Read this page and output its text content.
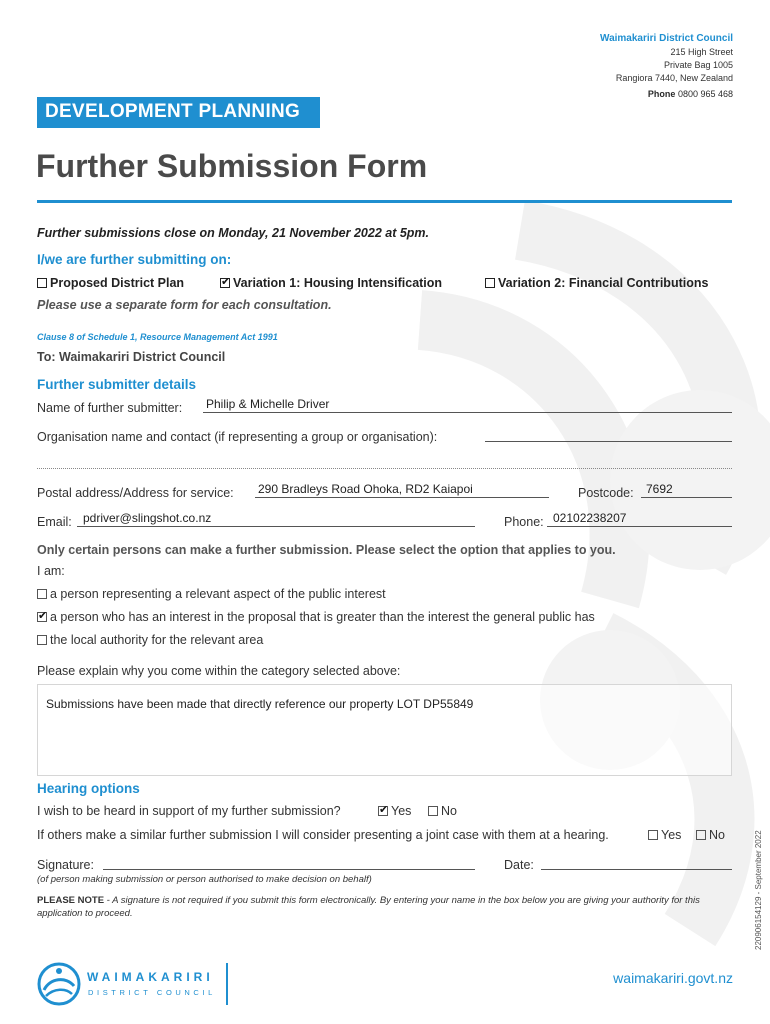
Waimakariri District Council
215 High Street
Private Bag 1005
Rangiora 7440, New Zealand
Phone 0800 965 468
DEVELOPMENT PLANNING
Further Submission Form
Further submissions close on Monday, 21 November 2022 at 5pm.
I/we are further submitting on:
Proposed District Plan ✔	Variation 1: Housing Intensification	Variation 2: Financial Contributions
Please use a separate form for each consultation.
Clause 8 of Schedule 1, Resource Management Act 1991
To: Waimakariri District Council
Further submitter details
Name of further submitter: Philip & Michelle Driver
Organisation name and contact (if representing a group or organisation):
Postal address/Address for service: 290 Bradleys Road Ohoka, RD2 Kaiapoi	Postcode: 7692
Email: pdriver@slingshot.co.nz	Phone: 02102238207
Only certain persons can make a further submission. Please select the option that applies to you.
I am:
a person representing a relevant aspect of the public interest
✔a person who has an interest in the proposal that is greater than the interest the general public has
the local authority for the relevant area
Please explain why you come within the category selected above:
Submissions have been made that directly reference our property LOT DP55849
Hearing options
I wish to be heard in support of my further submission? ✔	Yes	No
If others make a similar further submission I will consider presenting a joint case with them at a hearing.	Yes	No
Signature:	Date:
(of person making submission or person authorised to make decision on behalf)
PLEASE NOTE - A signature is not required if you submit this form electronically. By entering your name in the box below you are giving your authority for this application to proceed.	220906154129 - September 2022
WAIMAKARIRI
DISTRICT COUNCIL
waimakariri.govt.nz
